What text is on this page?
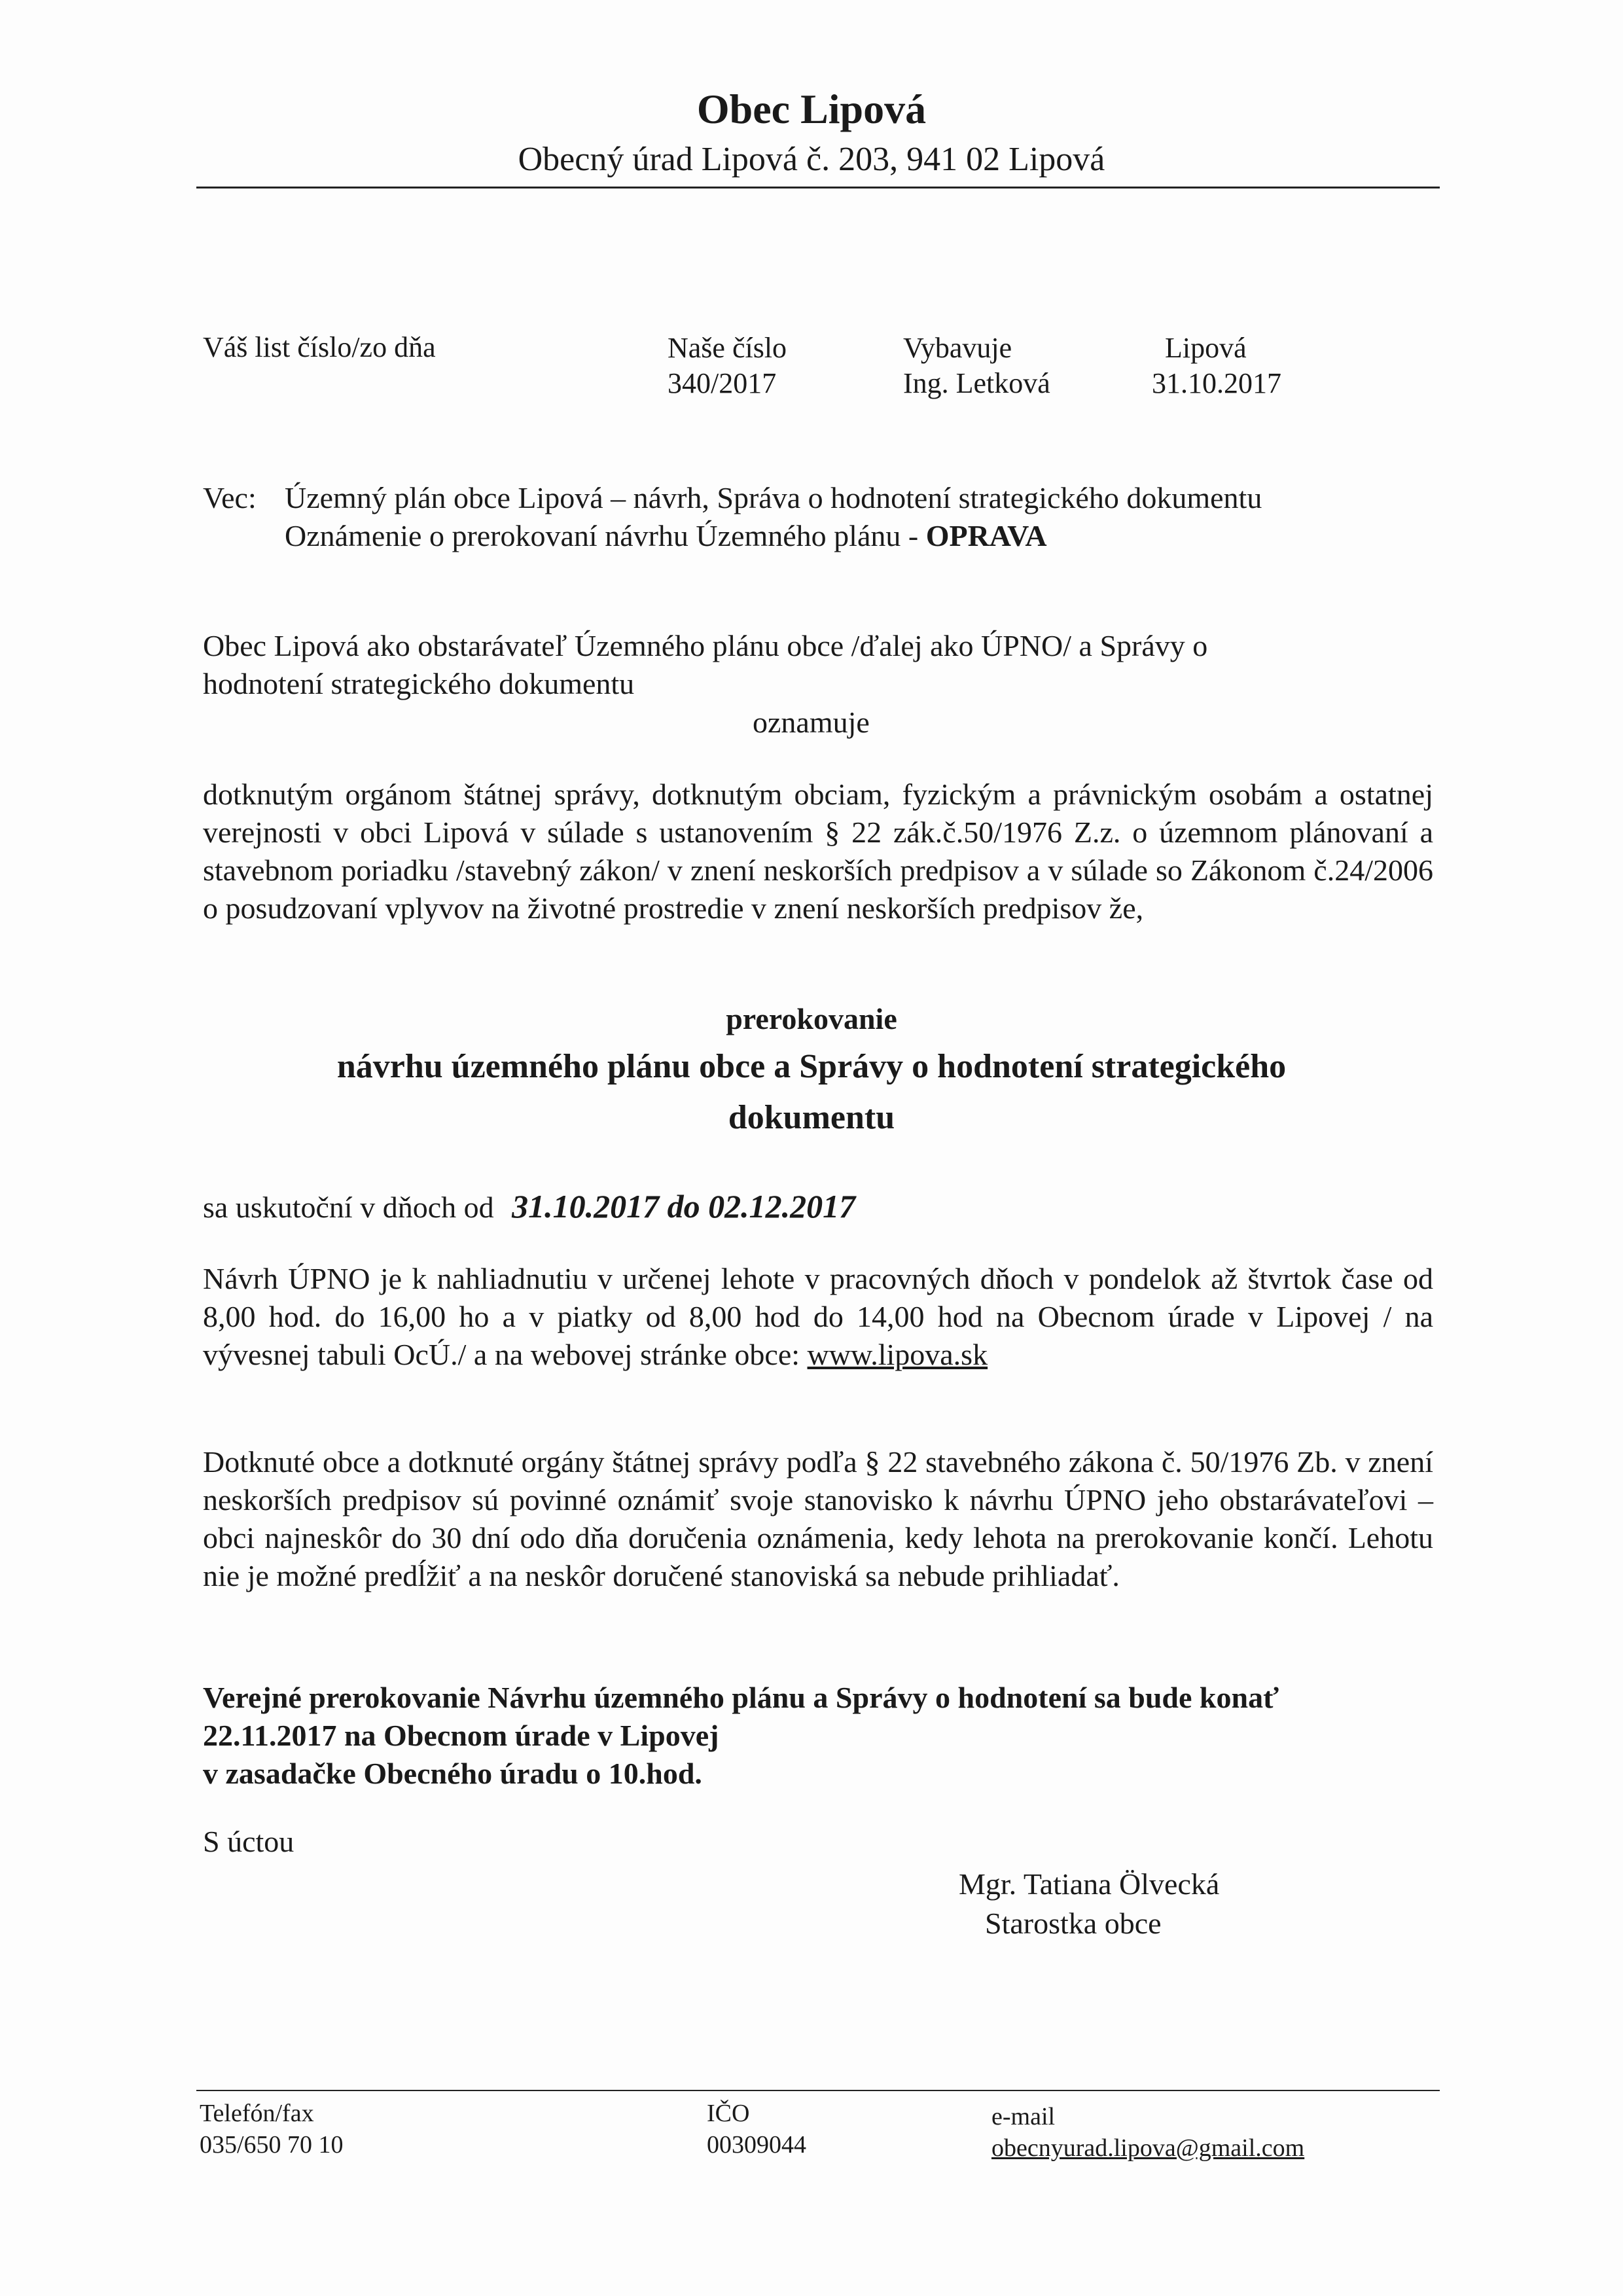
Obec Lipová
Obecný úrad Lipová č. 203, 941 02 Lipová
Váš list číslo/zo dňa	Naše číslo
340/2017
Vybavuje
Ing. Letková
Lipová
31.10.2017
Vec: Územný plán obce Lipová – návrh, Správa o hodnotení strategického dokumentu
Oznámenie o prerokovaní návrhu Územného plánu - OPRAVA
Obec Lipová ako obstarávateľ Územného plánu obce /ďalej ako ÚPNO/ a Správy o hodnotení strategického dokumentu
oznamuje
dotknutým orgánom štátnej správy, dotknutým obciam, fyzickým a právnickým osobám a ostatnej verejnosti v obci Lipová v súlade s ustanovením § 22 zák.č.50/1976 Z.z. o územnom plánovaní a stavebnom poriadku /stavebný zákon/ v znení neskorších predpisov a v súlade so Zákonom č.24/2006 o posudzovaní vplyvov na životné prostredie v znení neskorších predpisov že,
prerokovanie
návrhu územného plánu obce a Správy o hodnotení strategického
dokumentu
sa uskutoční v dňoch od 31.10.2017 do 02.12.2017
Návrh ÚPNO je k nahliadnutiu v určenej lehote v pracovných dňoch v pondelok až štvrtok čase od 8,00 hod. do 16,00 ho a v piatky od 8,00 hod do 14,00 hod na Obecnom úrade v Lipovej / na vývesnej tabuli OcÚ./ a na webovej stránke obce: www.lipova.sk
Dotknuté obce a dotknuté orgány štátnej správy podľa § 22 stavebného zákona č. 50/1976 Zb. v znení neskorších predpisov sú povinné oznámiť svoje stanovisko k návrhu ÚPNO jeho obstarávateľovi – obci najneskôr do 30 dní odo dňa doručenia oznámenia, kedy lehota na prerokovanie končí. Lehotu nie je možné predĺžiť a na neskôr doručené stanoviská sa nebude prihliadať.
Verejné prerokovanie Návrhu územného plánu a Správy o hodnotení sa bude konať
22.11.2017 na Obecnom úrade v Lipovej
v zasadačke Obecného úradu o 10.hod.
S úctou
Mgr. Tatiana Ölvecká
Starostka obce
Telefón/fax
035/650 70 10
IČO
00309044
e-mail
obecnyurad.lipova@gmail.com
